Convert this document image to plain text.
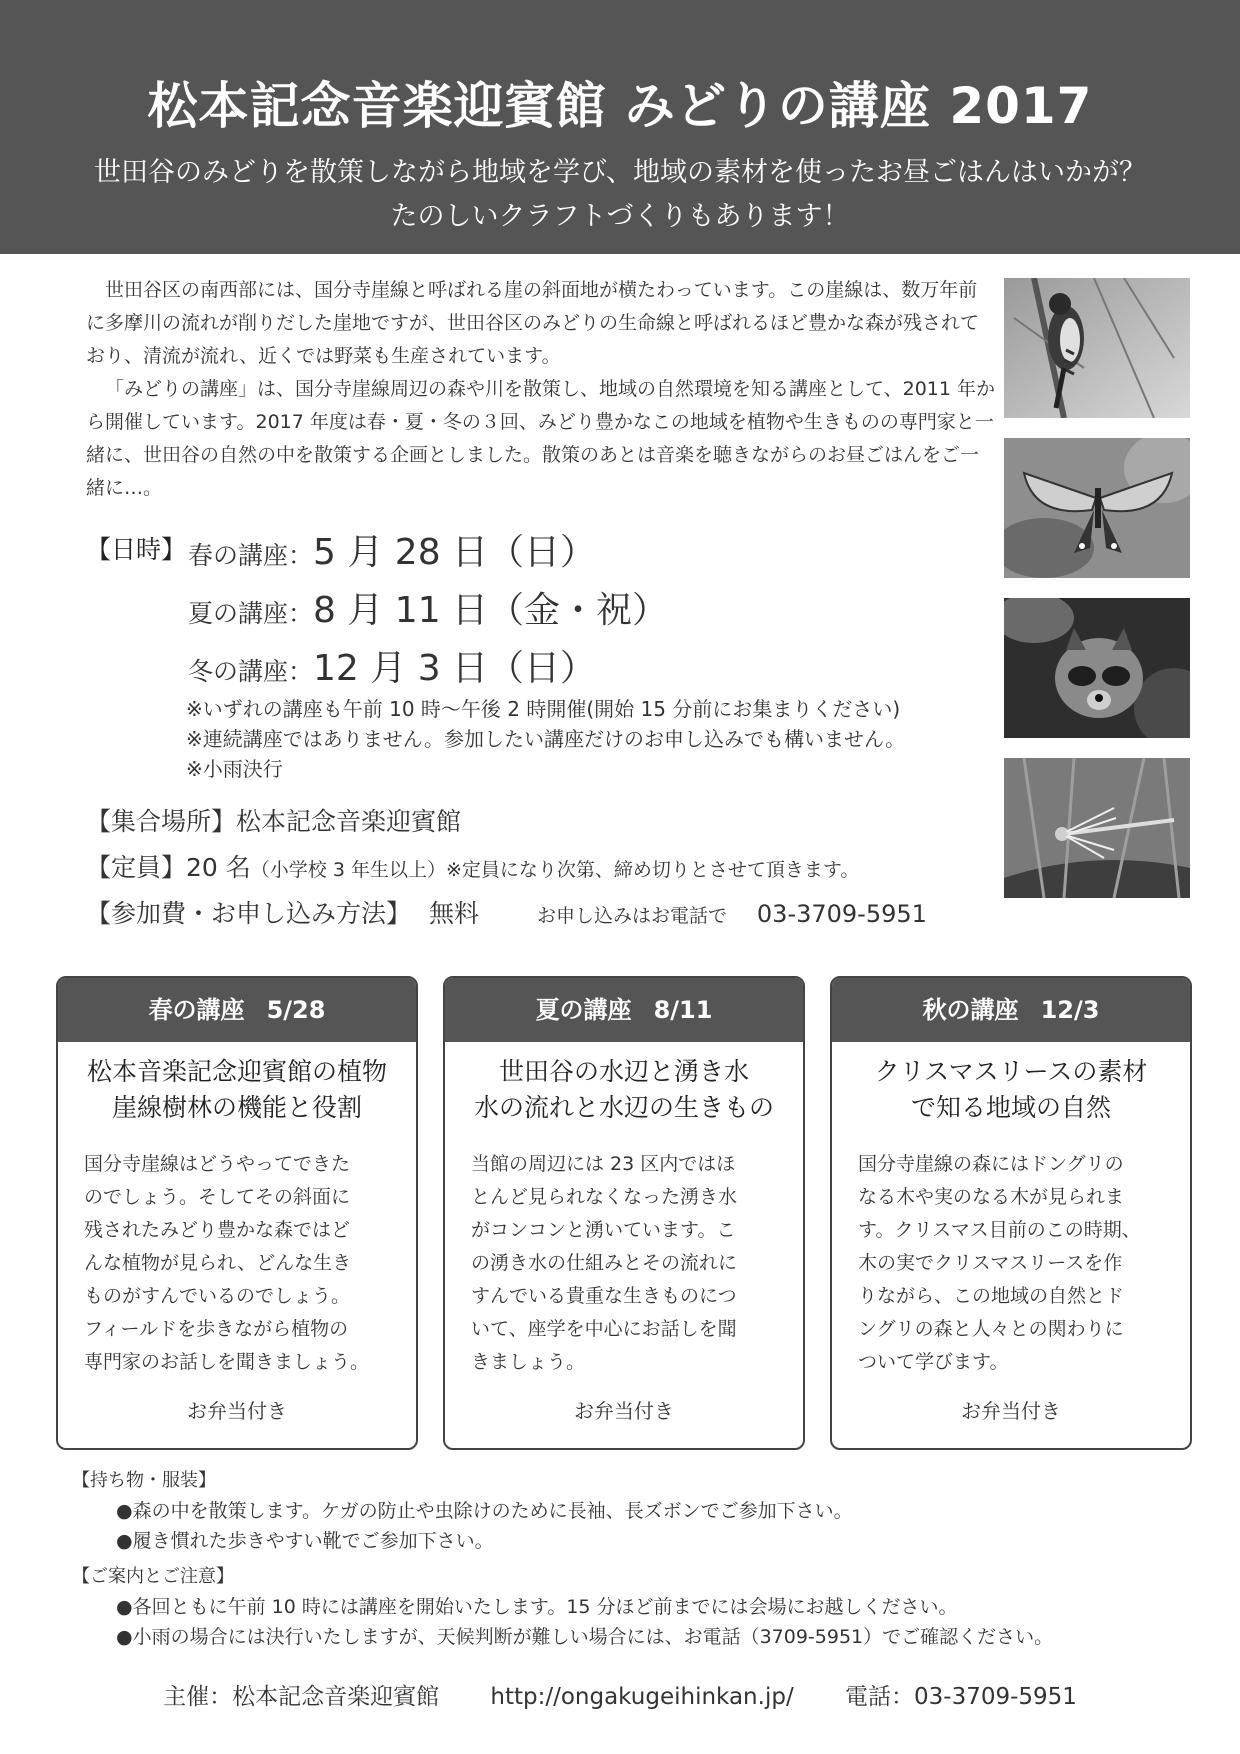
松本記念音楽迎賓館 みどりの講座 2017
世田谷のみどりを散策しながら地域を学び、地域の素材を使ったお昼ごはんはいかが？
たのしいクラフトづくりもあります！

世田谷区の南西部には、国分寺崖線と呼ばれる崖の斜面地が横たわっています。この崖線は、数万年前に多摩川の流れが削りだした崖地ですが、世田谷区のみどりの生命線と呼ばれるほど豊かな森が残されており、清流が流れ、近くでは野菜も生産されています。

「みどりの講座」は、国分寺崖線周辺の森や川を散策し、地域の自然環境を知る講座として、2011 年から開催しています。2017 年度は春・夏・冬の３回、みどり豊かなこの地域を植物や生きものの専門家と一緒に、世田谷の自然の中を散策する企画としました。散策のあとは音楽を聴きながらのお昼ごはんをご一緒に…。

【日時】 春の講座：5 月 28 日（日）
夏の講座：8 月 11 日（金・祝）
冬の講座：12 月 3 日（日）
※いずれの講座も午前 10 時～午後 2 時開催(開始 15 分前にお集まりください)
※連続講座ではありません。参加したい講座だけのお申し込みでも構いません。
※小雨決行
【集合場所】松本記念音楽迎賓館
【定員】20 名（小学校 3 年生以上）※定員になり次第、締め切りとさせて頂きます。
【参加費・お申し込み方法】 無料	お申し込みはお電話で 03-3709-5951
春の講座 5/28
松本音楽記念迎賓館の植物
崖線樹林の機能と役割
国分寺崖線はどうやってできた
のでしょう。そしてその斜面に
残されたみどり豊かな森ではど
んな植物が見られ、どんな生き
ものがすんでいるのでしょう。
フィールドを歩きながら植物の
専門家のお話しを聞きましょう。
お弁当付き
夏の講座 8/11
世田谷の水辺と湧き水
水の流れと水辺の生きもの
当館の周辺には 23 区内ではほ
とんど見られなくなった湧き水
がコンコンと湧いています。こ
の湧き水の仕組みとその流れに
すんでいる貴重な生きものにつ
いて、座学を中心にお話しを聞
きましょう。
お弁当付き
秋の講座 12/3
クリスマスリースの素材
で知る地域の自然
国分寺崖線の森にはドングリの
なる木や実のなる木が見られま
す。クリスマス目前のこの時期、
木の実でクリスマスリースを作
りながら、この地域の自然とド
ングリの森と人々との関わりに
ついて学びます。
お弁当付き
【持ち物・服装】
●森の中を散策します。ケガの防止や虫除けのために長袖、長ズボンでご参加下さい。
●履き慣れた歩きやすい靴でご参加下さい。
【ご案内とご注意】
●各回ともに午前 10 時には講座を開始いたします。15 分ほど前までには会場にお越しください。
●小雨の場合には決行いたしますが、天候判断が難しい場合には、お電話（3709-5951）でご確認ください。
主催：松本記念音楽迎賓館 http://ongakugeihinkan.jp/ 電話：03-3709-5951
